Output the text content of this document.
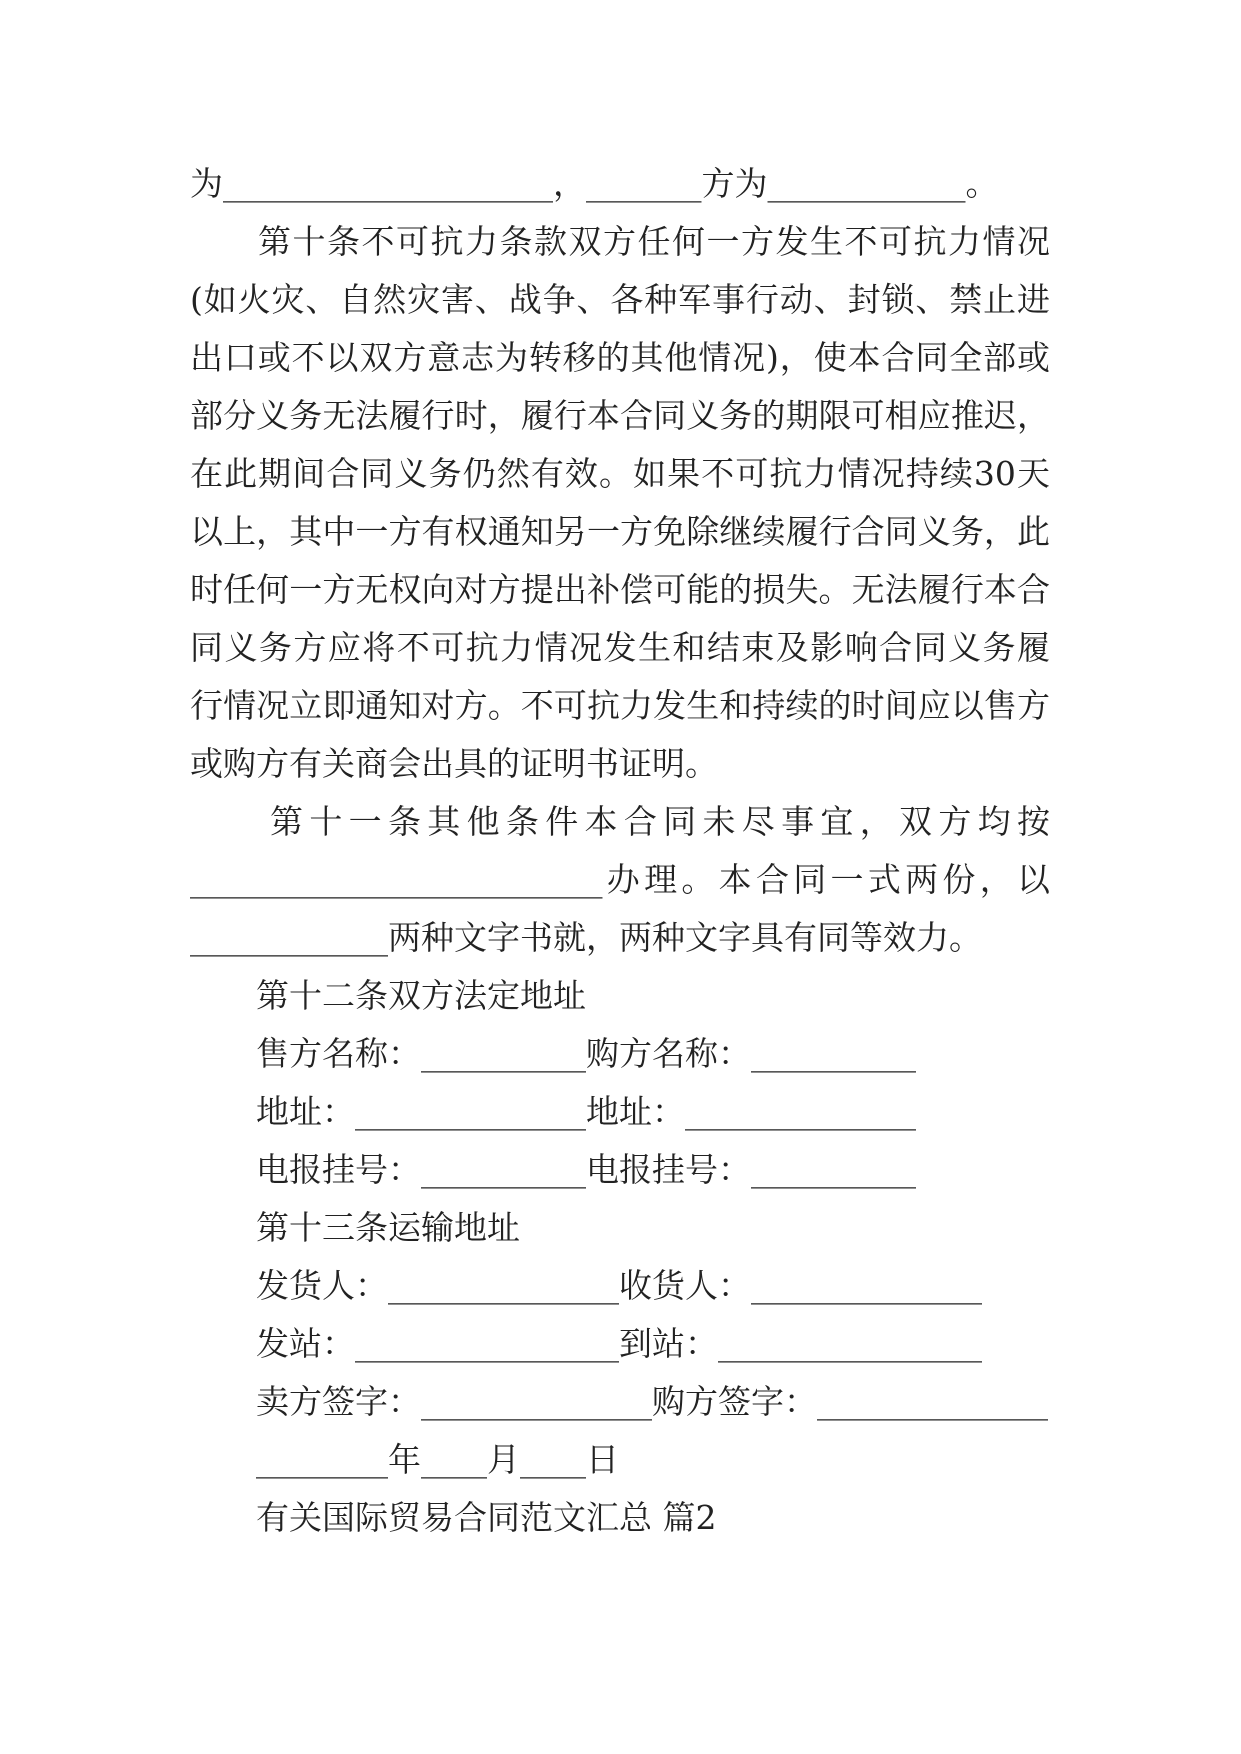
为____________________，_______方为____________。
第十条不可抗力条款双方任何一方发生不可抗力情况
(如火灾、自然灾害、战争、各种军事行动、封锁、禁止进
出口或不以双方意志为转移的其他情况)，使本合同全部或
部分义务无法履行时，履行本合同义务的期限可相应推迟，
在此期间合同义务仍然有效。如果不可抗力情况持续30天
以上，其中一方有权通知另一方免除继续履行合同义务，此
时任何一方无权向对方提出补偿可能的损失。无法履行本合
同义务方应将不可抗力情况发生和结束及影响合同义务履
行情况立即通知对方。不可抗力发生和持续的时间应以售方
或购方有关商会出具的证明书证明。
第十一条其他条件本合同未尽事宜，双方均按
_________________________办理。本合同一式两份，以
____________两种文字书就，两种文字具有同等效力。
第十二条双方法定地址
售方名称：__________购方名称：__________
地址：______________地址：______________
电报挂号：__________电报挂号：__________
第十三条运输地址
发货人：______________收货人：______________
发站：________________到站：________________
卖方签字：______________购方签字：______________
________年____月____日
有关国际贸易合同范文汇总 篇2
